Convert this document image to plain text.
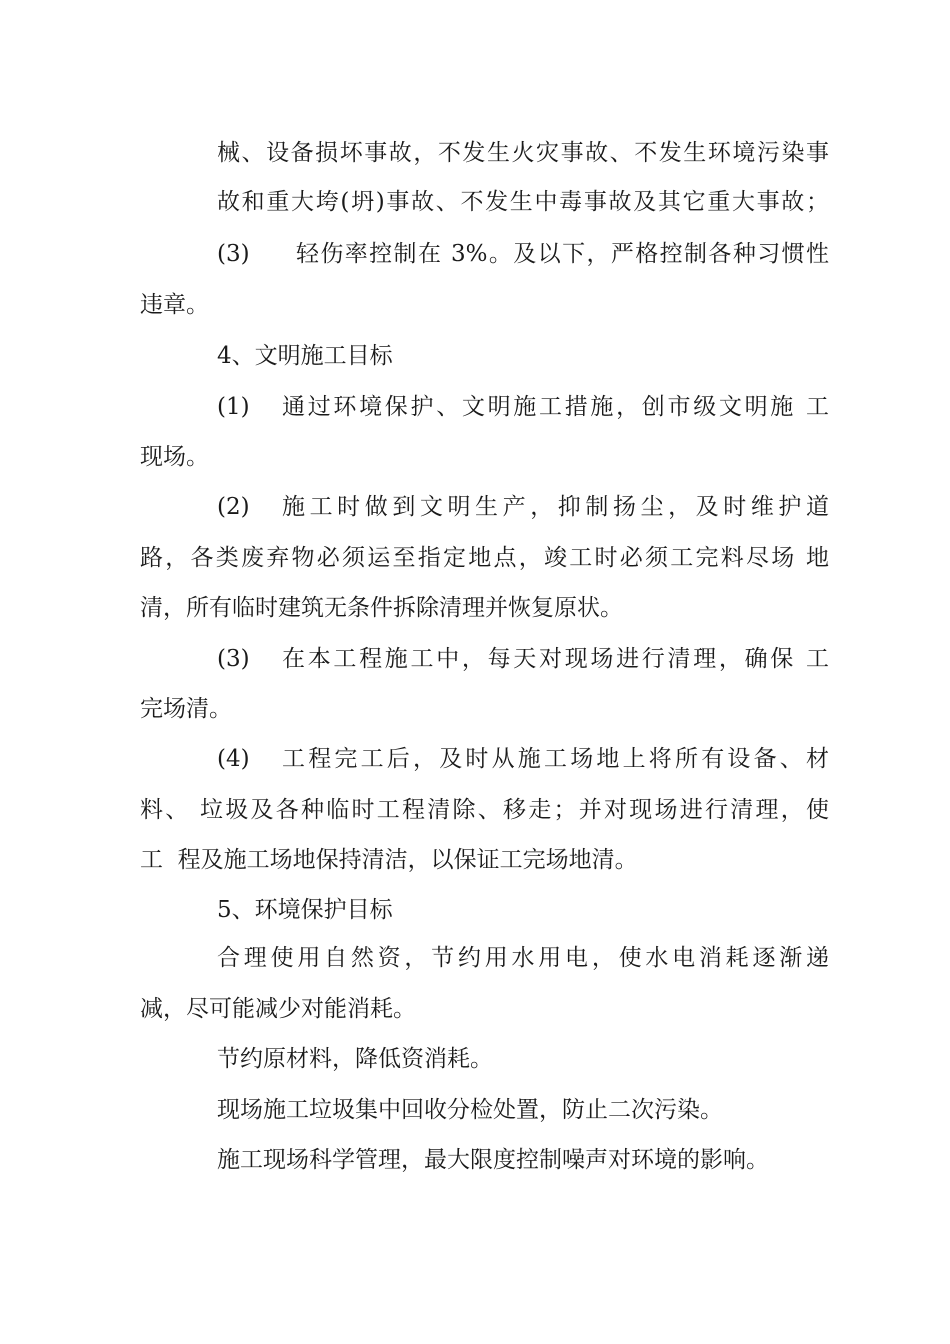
械、设备损坏事故，不发生火灾事故、不发生环境污染事
故和重大垮(坍)事故、不发生中毒事故及其它重大事故；
(3) 轻伤率控制在 3%。及以下，严格控制各种习惯性
违章。
4、文明施工目标
(1) 通过环境保护、文明施工措施，创市级文明施 工
现场。
(2) 施工时做到文明生产，抑制扬尘，及时维护道
路，各类废弃物必须运至指定地点，竣工时必须工完料尽场 地
清，所有临时建筑无条件拆除清理并恢复原状。
(3) 在本工程施工中，每天对现场进行清理，确保 工
完场清。
(4) 工程完工后，及时从施工场地上将所有设备、材
料、 垃圾及各种临时工程清除、移走；并对现场进行清理，使
工  程及施工场地保持清洁，以保证工完场地清。
5、环境保护目标
合理使用自然资，节约用水用电，使水电消耗逐渐递
减，尽可能减少对能消耗。
节约原材料，降低资消耗。
现场施工垃圾集中回收分检处置，防止二次污染。
施工现场科学管理，最大限度控制噪声对环境的影响。
